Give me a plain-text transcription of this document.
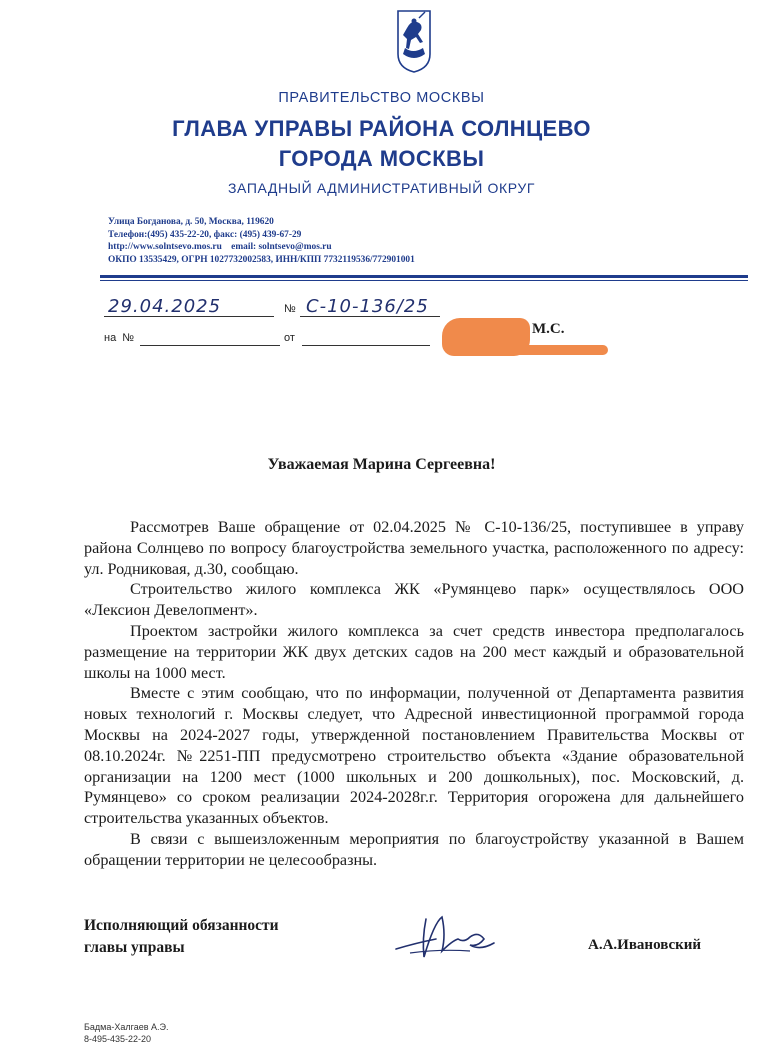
ПРАВИТЕЛЬСТВО МОСКВЫ
ГЛАВА УПРАВЫ РАЙОНА СОЛНЦЕВО
ГОРОДА МОСКВЫ
ЗАПАДНЫЙ АДМИНИСТРАТИВНЫЙ ОКРУГ
Улица Богданова, д. 50, Москва, 119620
Телефон:(495) 435-22-20, факс: (495) 439-67-29
http://www.solntsevo.mos.ru    email: solntsevo@mos.ru
ОКПО 13535429, ОГРН 1027732002583, ИНН/КПП 7732119536/772901001
29.04.2025	№ С-10-136/25
на  №	от
М.С.
Уважаемая Марина Сергеевна!

Рассмотрев Ваше обращение от 02.04.2025 № С-10-136/25, поступившее в управу района Солнцево по вопросу благоустройства земельного участка, расположенного по адресу: ул. Родниковая, д.30, сообщаю.

Строительство жилого комплекса ЖК «Румянцево парк» осуществлялось ООО «Лексион Девелопмент».

Проектом застройки жилого комплекса за счет средств инвестора предполагалось размещение на территории ЖК двух детских садов на 200 мест каждый и образовательной школы на 1000 мест.

Вместе с этим сообщаю, что по информации, полученной от Департамента развития новых технологий г. Москвы следует, что Адресной инвестиционной программой города Москвы на 2024-2027 годы, утвержденной постановлением Правительства Москвы от 08.10.2024г. №2251-ПП предусмотрено строительство объекта «Здание образовательной организации на 1200 мест (1000 школьных и 200 дошкольных), пос. Московский, д. Румянцево» со сроком реализации 2024-2028г.г. Территория огорожена для дальнейшего строительства указанных объектов.

В связи с вышеизложенным мероприятия по благоустройству указанной в Вашем обращении территории не целесообразны.

Исполняющий обязанности
главы управы	А.А.Ивановский
Бадма-Халгаев А.Э.
8-495-435-22-20
